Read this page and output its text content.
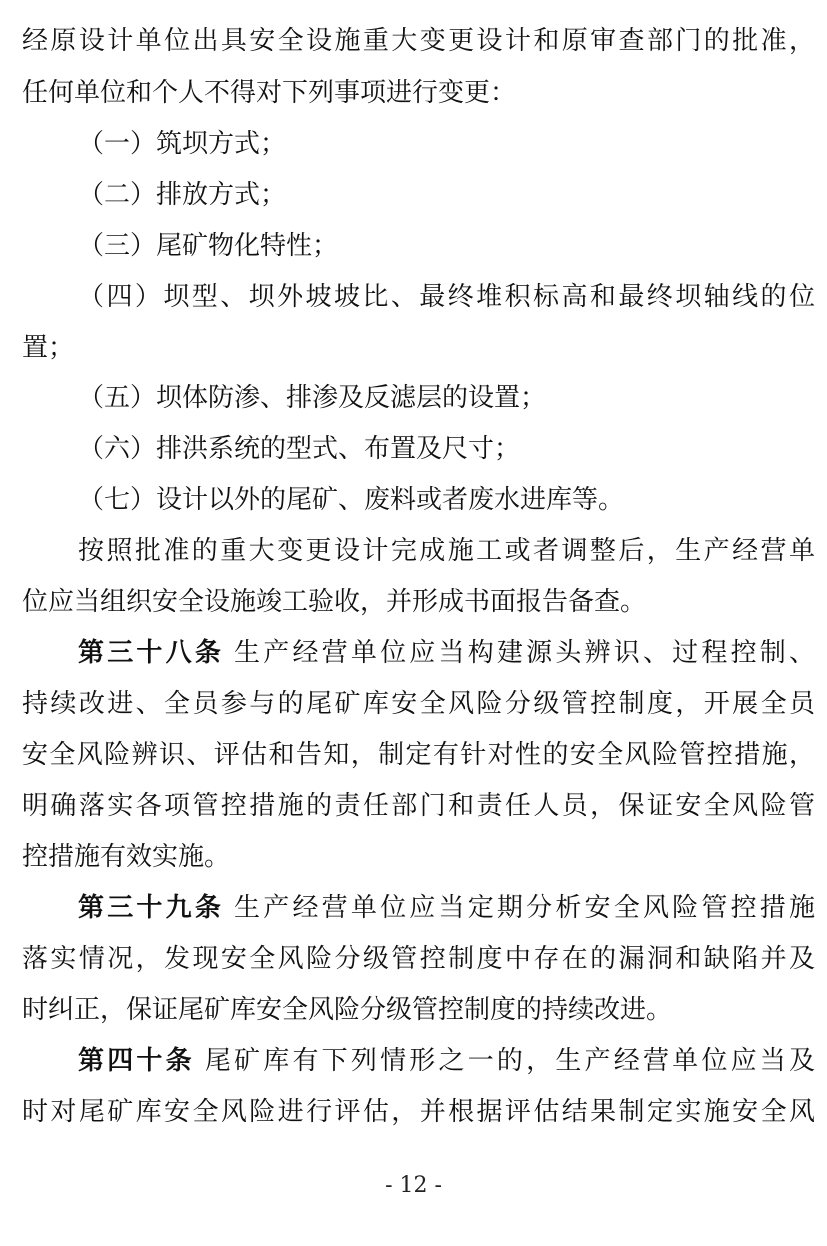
经原设计单位出具安全设施重大变更设计和原审查部门的批准，
任何单位和个人不得对下列事项进行变更：
（一）筑坝方式；
（二）排放方式；
（三）尾矿物化特性；
（四）坝型、坝外坡坡比、最终堆积标高和最终坝轴线的位
置；
（五）坝体防渗、排渗及反滤层的设置；
（六）排洪系统的型式、布置及尺寸；
（七）设计以外的尾矿、废料或者废水进库等。
按照批准的重大变更设计完成施工或者调整后，生产经营单
位应当组织安全设施竣工验收，并形成书面报告备查。
第三十八条 生产经营单位应当构建源头辨识、过程控制、
持续改进、全员参与的尾矿库安全风险分级管控制度，开展全员
安全风险辨识、评估和告知，制定有针对性的安全风险管控措施，
明确落实各项管控措施的责任部门和责任人员，保证安全风险管
控措施有效实施。
第三十九条 生产经营单位应当定期分析安全风险管控措施
落实情况，发现安全风险分级管控制度中存在的漏洞和缺陷并及
时纠正，保证尾矿库安全风险分级管控制度的持续改进。
第四十条 尾矿库有下列情形之一的，生产经营单位应当及
时对尾矿库安全风险进行评估，并根据评估结果制定实施安全风
- 12 -
